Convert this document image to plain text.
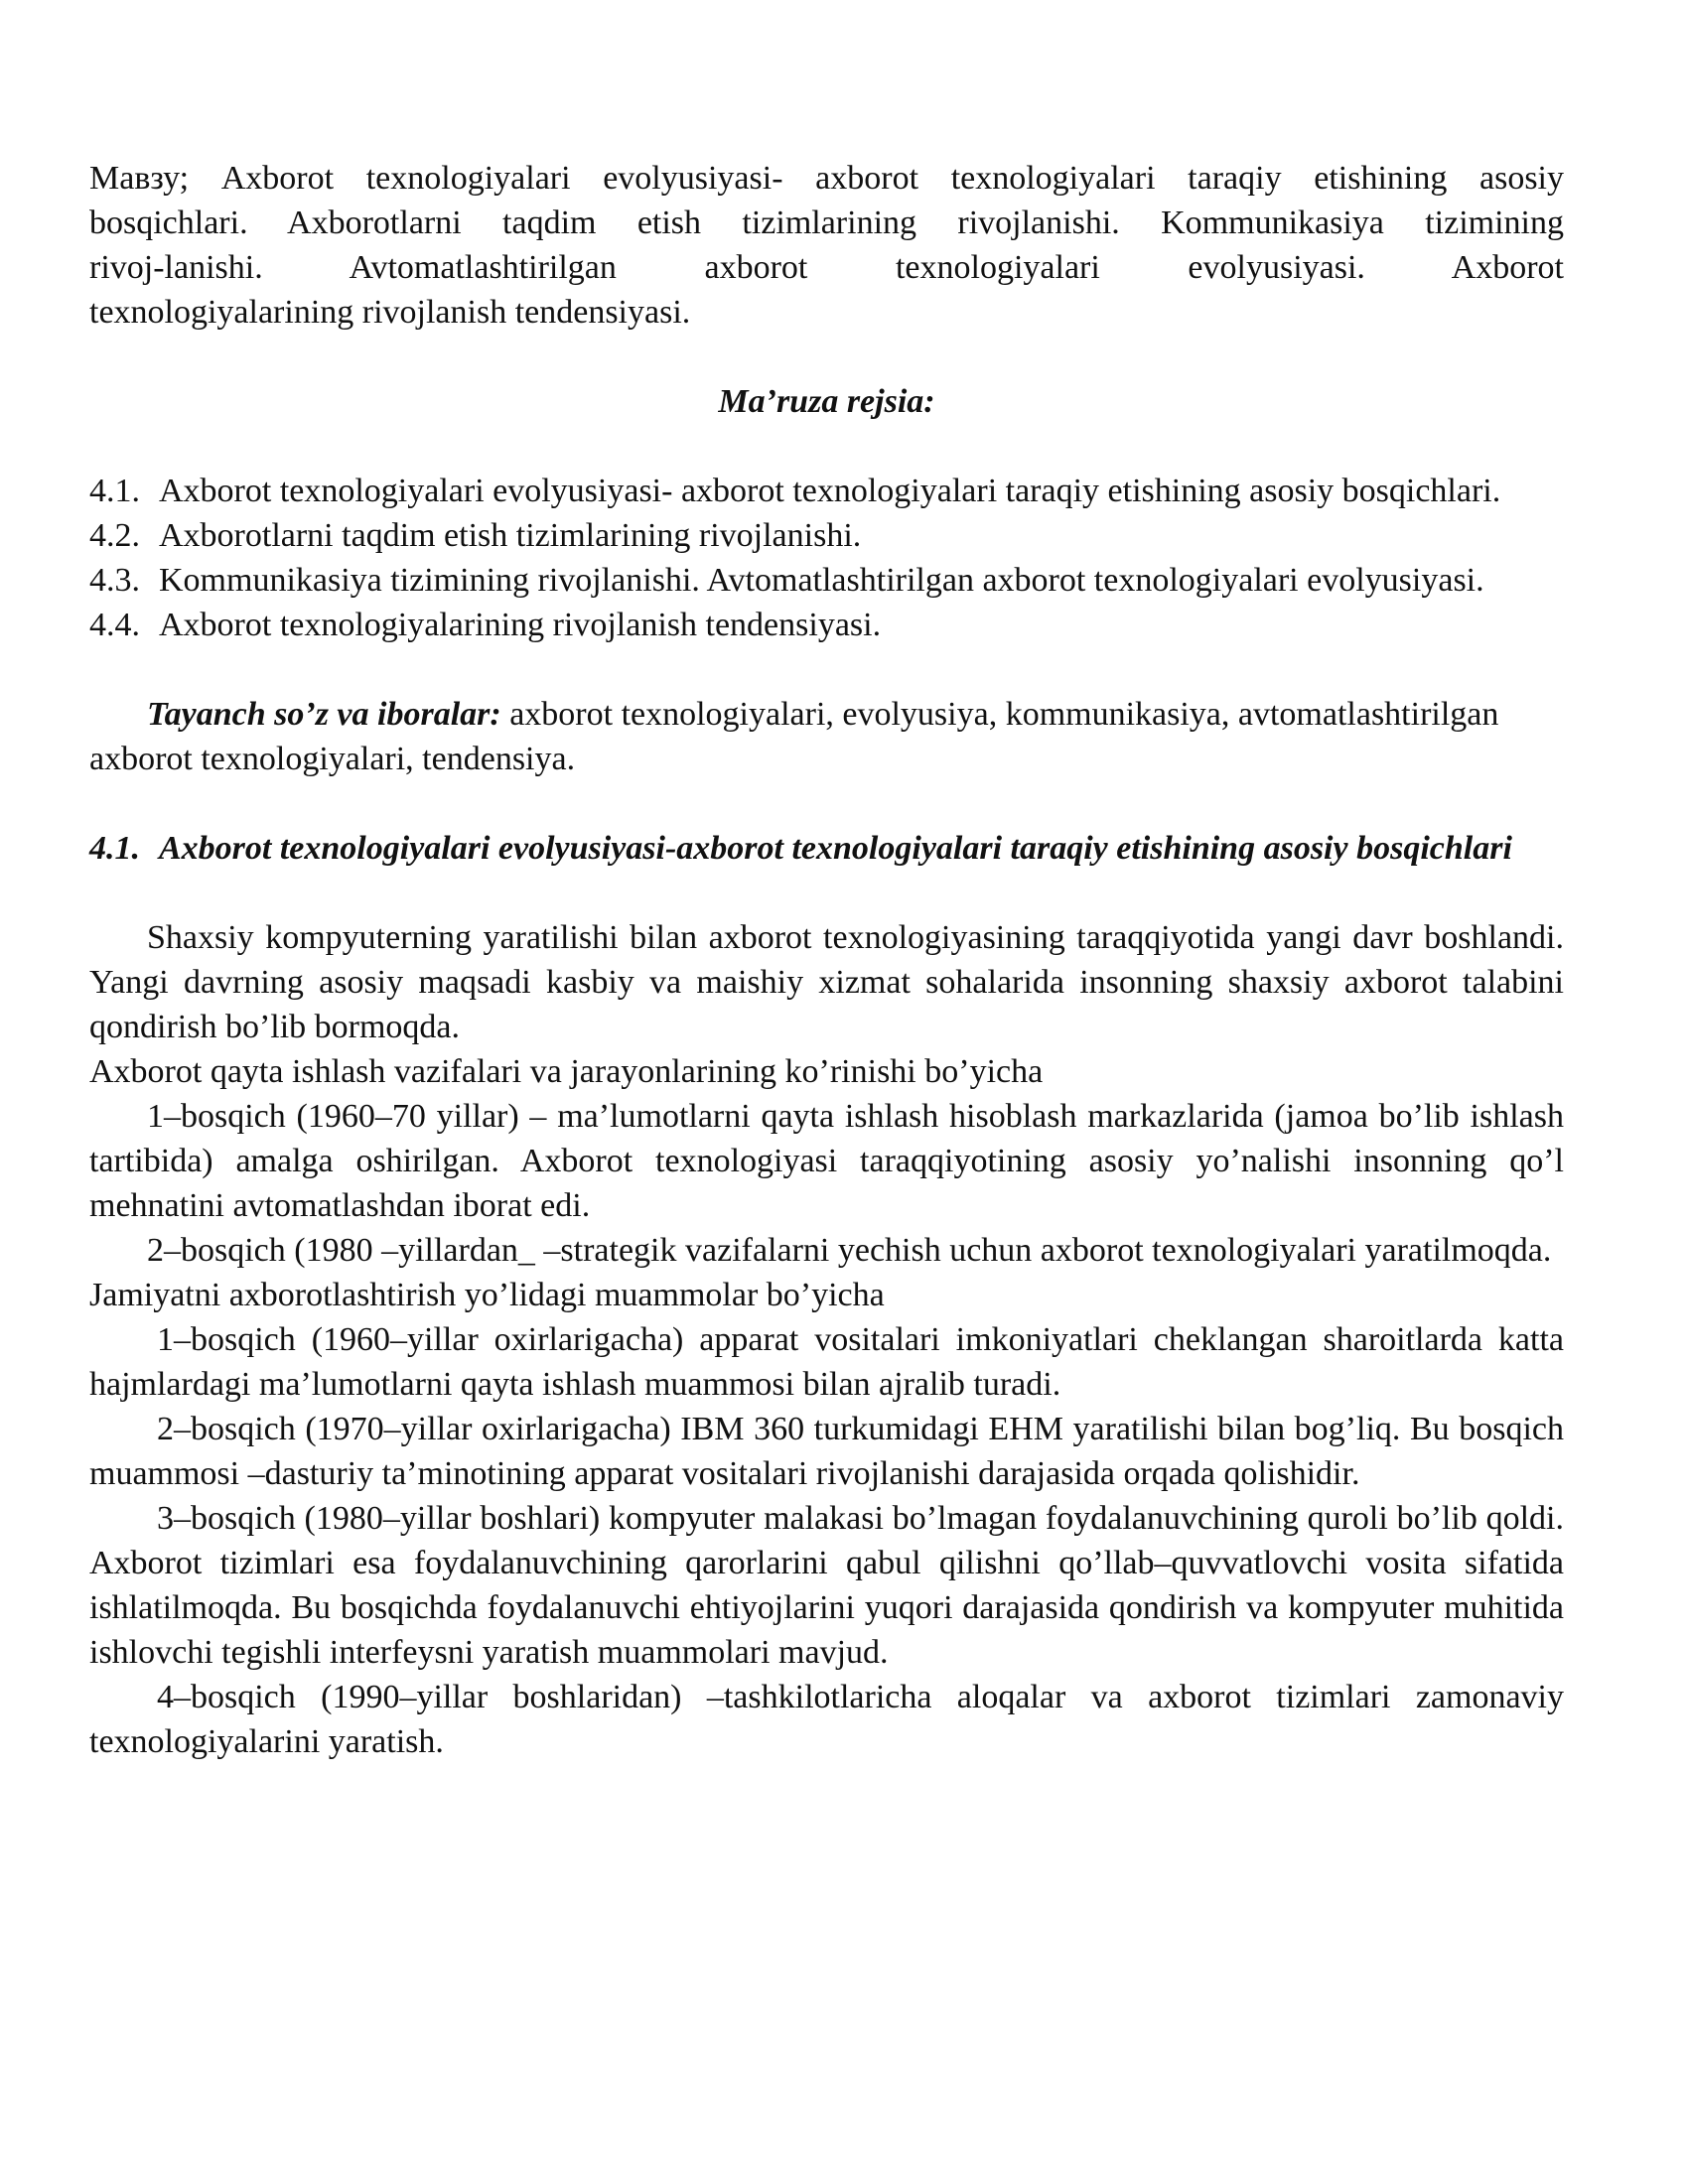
Мавзу; Axborot texnologiyalari evolyusiyasi- axborot texnologiyalari taraqiy etishining asosiy

bosqichlari. Axborotlarni taqdim etish tizimlarining rivojlanishi. Kommunikasiya tizimining

rivoj-lanishi.     Avtomatlashtirilgan     axborot     texnologiyalari     evolyusiyasi.     Axborot

texnologiyalarining rivojlanish tendensiyasi.

Ma’ruza rejsia:

4.1. Axborot texnologiyalari evolyusiyasi- axborot texnologiyalari taraqiy etishining asosiy bosqichlari.
4.2. Axborotlarni taqdim etish tizimlarining rivojlanishi.
4.3. Kommunikasiya tizimining rivojlanishi. Avtomatlashtirilgan axborot texnologiyalari evolyusiyasi.
4.4. Axborot texnologiyalarining rivojlanish tendensiyasi.

Tayanch so’z va iboralar: axborot texnologiyalari, evolyusiya, kommunikasiya, avtomatlashtirilgan axborot texnologiyalari, tendensiya.

4.1. Axborot texnologiyalari evolyusiyasi-axborot texnologiyalari taraqiy etishining asosiy bosqichlari

Shaxsiy kompyuterning yaratilishi bilan axborot texnologiyasining taraqqiyotida yangi davr boshlandi. Yangi davrning asosiy maqsadi kasbiy va maishiy xizmat sohalarida insonning shaxsiy axborot talabini qondirish bo’lib bormoqda.

Axborot qayta ishlash vazifalari va jarayonlarining ko’rinishi bo’yicha

1–bosqich (1960–70 yillar) – ma’lumotlarni qayta ishlash hisoblash markazlarida (jamoa bo’lib ishlash tartibida) amalga oshirilgan. Axborot texnologiyasi taraqqiyotining asosiy yo’nalishi insonning qo’l mehnatini avtomatlashdan iborat edi.

2–bosqich (1980 –yillardan_ –strategik vazifalarni yechish uchun axborot texnologiyalari yaratilmoqda.

Jamiyatni axborotlashtirish yo’lidagi muammolar bo’yicha

1–bosqich (1960–yillar oxirlarigacha) apparat vositalari imkoniyatlari cheklangan sharoitlarda katta hajmlardagi ma’lumotlarni qayta ishlash muammosi bilan ajralib turadi.

2–bosqich (1970–yillar oxirlarigacha) IBM 360 turkumidagi EHM yaratilishi bilan bog’liq. Bu bosqich muammosi –dasturiy ta’minotining apparat vositalari rivojlanishi darajasida orqada qolishidir.

3–bosqich (1980–yillar boshlari) kompyuter malakasi bo’lmagan foydalanuvchining quroli bo’lib qoldi. Axborot tizimlari esa foydalanuvchining qarorlarini qabul qilishni qo’llab–quvvatlovchi vosita sifatida ishlatilmoqda. Bu bosqichda foydalanuvchi ehtiyojlarini yuqori darajasida qondirish va kompyuter muhitida ishlovchi tegishli interfeysni yaratish muammolari mavjud.

4–bosqich (1990–yillar boshlaridan) –tashkilotlaricha aloqalar va axborot tizimlari zamonaviy texnologiyalarini yaratish.
